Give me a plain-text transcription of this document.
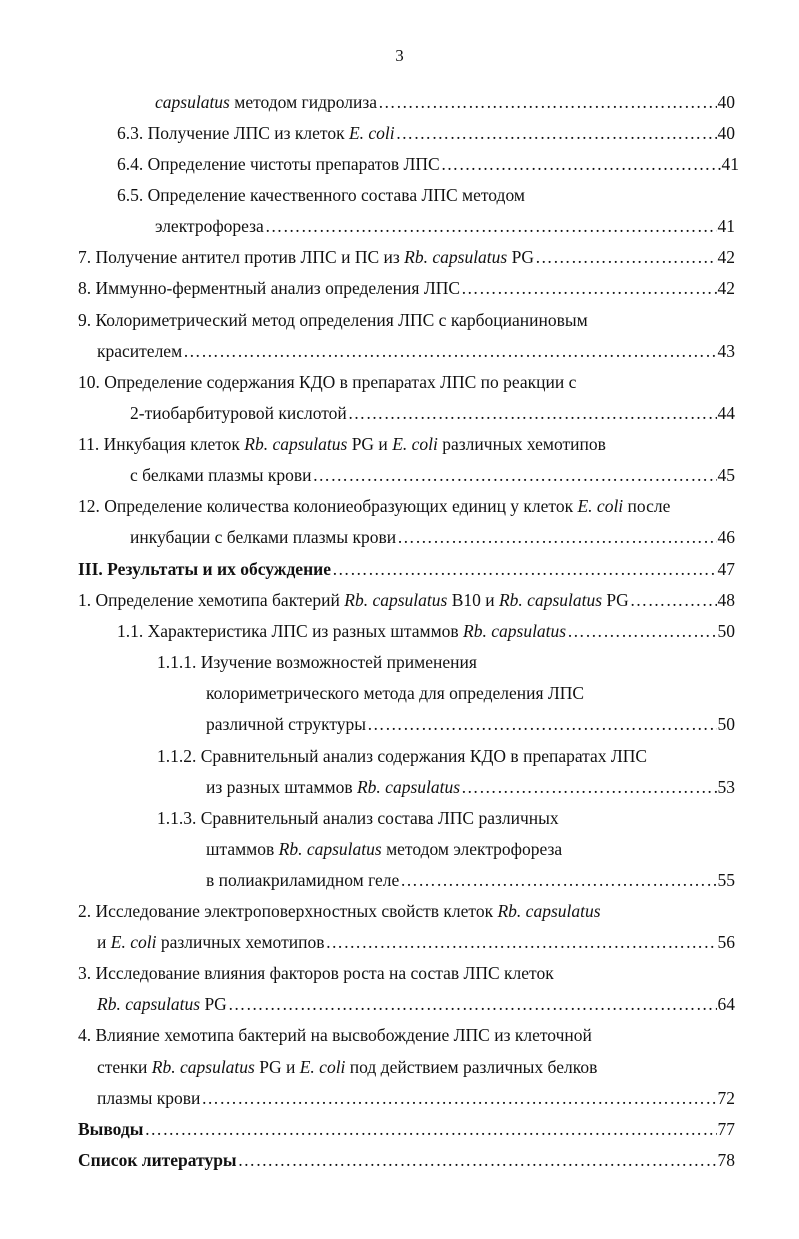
3
capsulatus методом гидролиза …………………………………………………………………………………………………………………………………………………………………………………………	40
6.3. Получение ЛПС из клеток E. coli …………………………………………………………………………………………………………………………………………………………………………………………	40
6.4. Определение чистоты препаратов ЛПС …………………………………………………………………………………………………………………………………………………………………………………………	41
6.5. Определение качественного состава ЛПС методом
электрофореза …………………………………………………………………………………………………………………………………………………………………………………………	41
7. Получение антител против ЛПС и ПС из Rb. capsulatus PG …………………………………………………………………………………………………………………………………………………………………………………………	42
8. Иммунно-ферментный анализ определения ЛПС …………………………………………………………………………………………………………………………………………………………………………………………	42
9. Колориметрический метод определения ЛПС с карбоцианиновым
красителем …………………………………………………………………………………………………………………………………………………………………………………………	43
10. Определение содержания КДО в препаратах ЛПС по реакции с
2-тиобарбитуровой кислотой …………………………………………………………………………………………………………………………………………………………………………………………	44
11. Инкубация клеток Rb. capsulatus PG и E. coli различных хемотипов
с белками плазмы крови …………………………………………………………………………………………………………………………………………………………………………………………	45
12. Определение количества колониеобразующих единиц у клеток E. coli после
инкубации с белками плазмы крови …………………………………………………………………………………………………………………………………………………………………………………………	46
III. Результаты и их обсуждение …………………………………………………………………………………………………………………………………………………………………………………………	47
1. Определение хемотипа бактерий Rb. capsulatus B10 и Rb. capsulatus PG …………………………………………………………………………………………………………………………………………………………………………………………	48
1.1. Характеристика ЛПС из разных штаммов Rb. capsulatus …………………………………………………………………………………………………………………………………………………………………………………………	50
1.1.1. Изучение возможностей применения
колориметрического метода для определения ЛПС
различной структуры …………………………………………………………………………………………………………………………………………………………………………………………	50
1.1.2. Сравнительный анализ содержания КДО в препаратах ЛПС
из разных штаммов Rb. capsulatus …………………………………………………………………………………………………………………………………………………………………………………………	53
1.1.3. Сравнительный анализ состава ЛПС различных
штаммов Rb. capsulatus методом электрофореза
в полиакриламидном геле …………………………………………………………………………………………………………………………………………………………………………………………	55
2. Исследование электроповерхностных свойств клеток Rb. capsulatus
и E. coli различных хемотипов …………………………………………………………………………………………………………………………………………………………………………………………	56
3. Исследование влияния факторов роста на состав ЛПС клеток
Rb. capsulatus PG …………………………………………………………………………………………………………………………………………………………………………………………	64
4. Влияние хемотипа бактерий на высвобождение ЛПС из клеточной
стенки Rb. capsulatus PG и E. coli под действием различных белков
плазмы крови …………………………………………………………………………………………………………………………………………………………………………………………	72
Выводы …………………………………………………………………………………………………………………………………………………………………………………………	77
Список литературы …………………………………………………………………………………………………………………………………………………………………………………………	78
